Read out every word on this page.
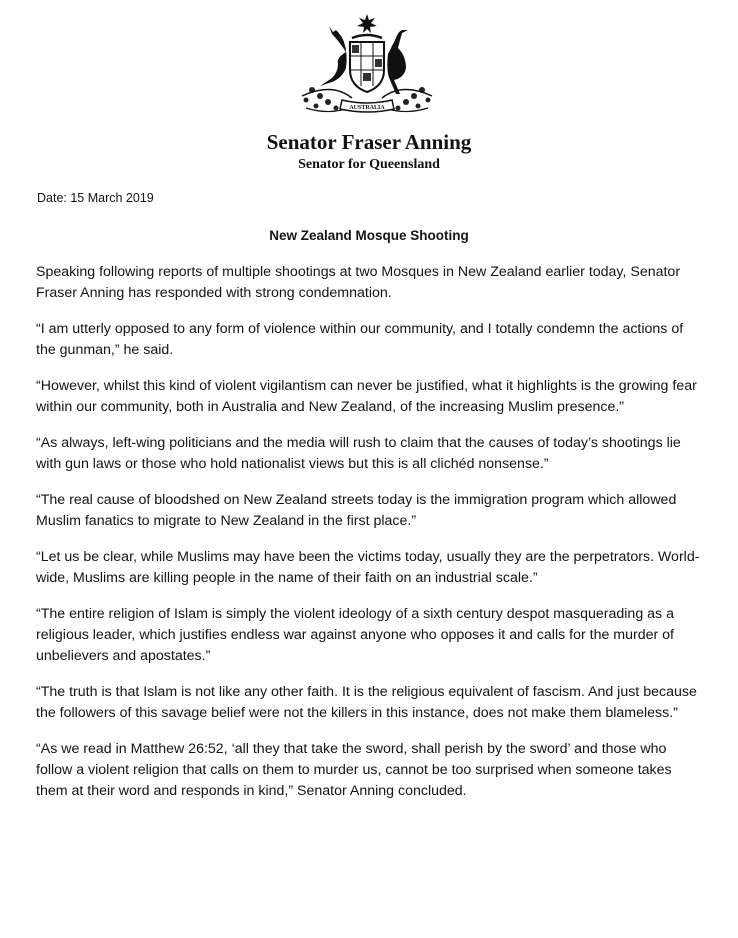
AUSTRALIA
Senator Fraser Anning
Senator for Queensland
Date: 15 March 2019
New Zealand Mosque Shooting

Speaking following reports of multiple shootings at two Mosques in New Zealand earlier today, Senator Fraser Anning has responded with strong condemnation.

“I am utterly opposed to any form of violence within our community, and I totally condemn the actions of the gunman,” he said.

“However, whilst this kind of violent vigilantism can never be justified, what it highlights is the growing fear within our community, both in Australia and New Zealand, of the increasing Muslim presence.”

“As always, left-wing politicians and the media will rush to claim that the causes of today’s shootings lie with gun laws or those who hold nationalist views but this is all clichéd nonsense.”

“The real cause of bloodshed on New Zealand streets today is the immigration program which allowed Muslim fanatics to migrate to New Zealand in the first place.”

“Let us be clear, while Muslims may have been the victims today, usually they are the perpetrators. World-wide, Muslims are killing people in the name of their faith on an industrial scale.”

“The entire religion of Islam is simply the violent ideology of a sixth century despot masquerading as a religious leader, which justifies endless war against anyone who opposes it and calls for the murder of unbelievers and apostates.”

“The truth is that Islam is not like any other faith. It is the religious equivalent of fascism. And just because the followers of this savage belief were not the killers in this instance, does not make them blameless.”

“As we read in Matthew 26:52, ‘all they that take the sword, shall perish by the sword’ and those who follow a violent religion that calls on them to murder us, cannot be too surprised when someone takes them at their word and responds in kind,” Senator Anning concluded.
